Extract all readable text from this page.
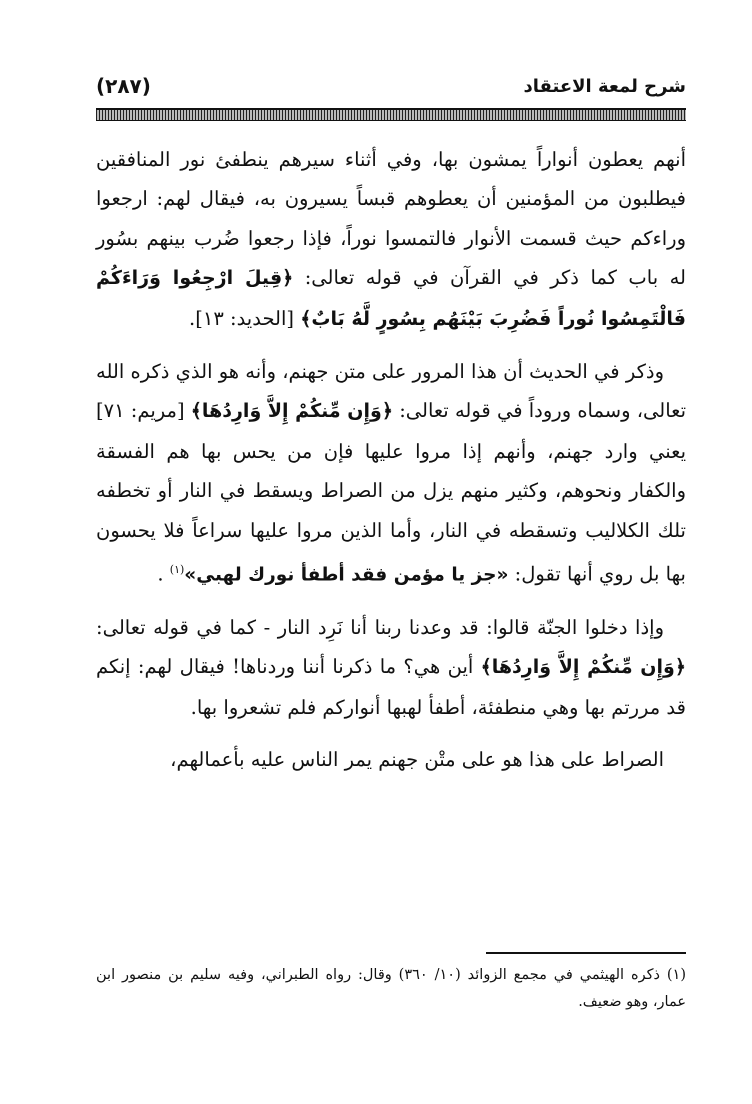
شرح لمعة الاعتقاد
(٢٨٧)

أنهم يعطون أنواراً يمشون بها، وفي أثناء سيرهم ينطفئ نور المنافقين فيطلبون من المؤمنين أن يعطوهم قبساً يسيرون به، فيقال لهم: ارجعوا وراءكم حيث قسمت الأنوار فالتمسوا نوراً، فإذا رجعوا ضُرب بينهم بسُور له باب كما ذكر في القرآن في قوله تعالى: ﴿قِيلَ ارْجِعُوا وَرَاءَكُمْ فَالْتَمِسُوا نُوراً فَضُرِبَ بَيْنَهُم بِسُورٍ لَّهُ بَابٌ﴾ [الحديد: ١٣].

وذكر في الحديث أن هذا المرور على متن جهنم، وأنه هو الذي ذكره الله تعالى، وسماه وروداً في قوله تعالى: ﴿وَإِن مِّنكُمْ إِلاَّ وَارِدُهَا﴾ [مريم: ٧١] يعني وارد جهنم، وأنهم إذا مروا عليها فإن من يحس بها هم الفسقة والكفار ونحوهم، وكثير منهم يزل من الصراط ويسقط في النار أو تخطفه تلك الكلاليب وتسقطه في النار، وأما الذين مروا عليها سراعاً فلا يحسون بها بل روي أنها تقول: «جز يا مؤمن فقد أطفأ نورك لهبي»$^{(١)}$ .

وإذا دخلوا الجنّة قالوا: قد وعدنا ربنا أنا نَرِد النار - كما في قوله تعالى: ﴿وَإِن مِّنكُمْ إِلاَّ وَارِدُهَا﴾ أين هي؟ ما ذكرنا أننا وردناها! فيقال لهم: إنكم قد مررتم بها وهي منطفئة، أطفأ لهبها أنواركم فلم تشعروا بها.

الصراط على هذا هو على متْن جهنم يمر الناس عليه بأعمالهم،

(١) ذكره الهيثمي في مجمع الزوائد (١٠/ ٣٦٠) وقال: رواه الطبراني، وفيه سليم بن منصور ابن عمار، وهو ضعيف.
